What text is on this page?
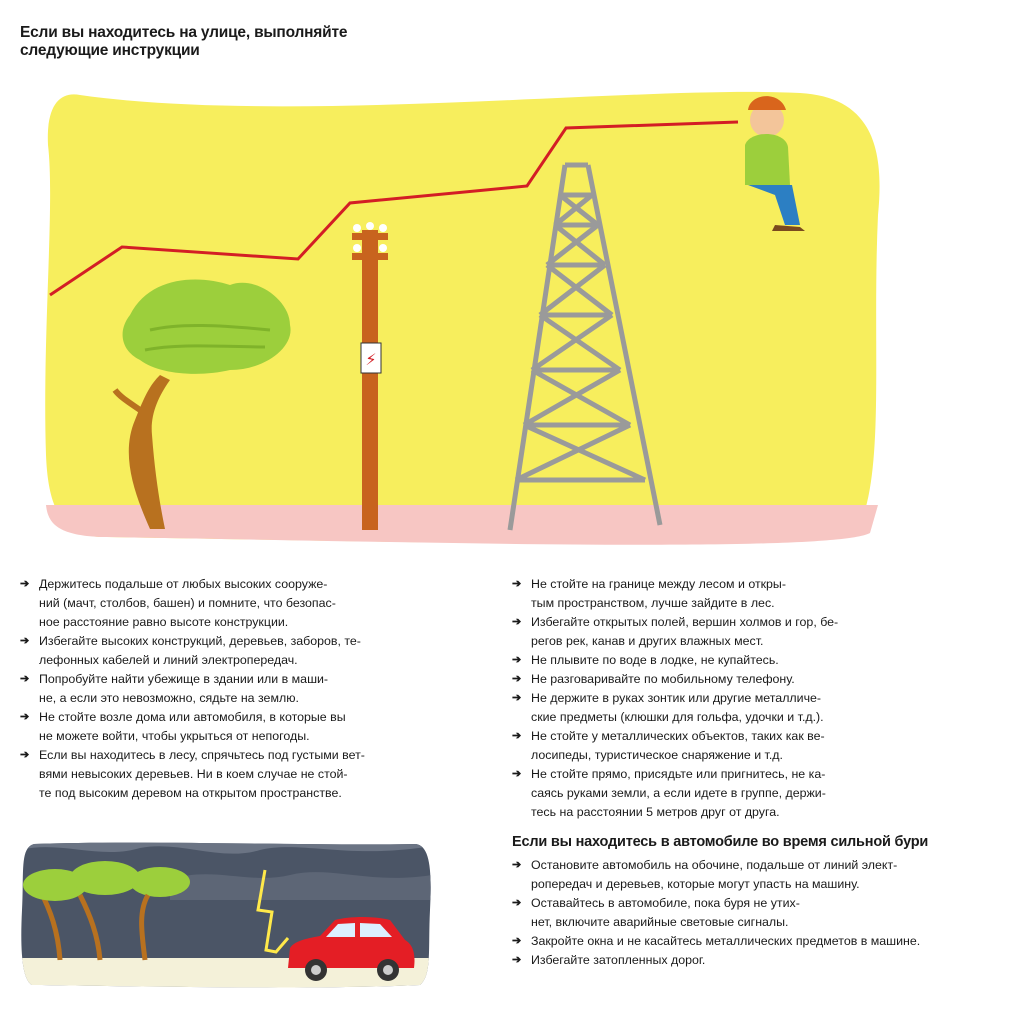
Если вы находитесь на улице, выполняйте
следующие инструкции
⚡
➔ Держитесь подальше от любых высоких сооруже-
ний (мачт, столбов, башен) и помните, что безопас-
ное расстояние равно высоте конструкции.
➔ Избегайте высоких конструкций, деревьев, заборов, те-
лефонных кабелей и линий электропередач.
➔ Попробуйте найти убежище в здании или в маши-
не, а если это невозможно, сядьте на землю.
➔ Не стойте возле дома или автомобиля, в которые вы
не можете войти, чтобы укрыться от непогоды.
➔ Если вы находитесь в лесу, спрячьтесь под густыми вет-
вями невысоких деревьев. Ни в коем случае не стой-
те под высоким деревом на открытом пространстве.
➔ Не стойте на границе между лесом и откры-
тым пространством, лучше зайдите в лес.
➔ Избегайте открытых полей, вершин холмов и гор, бе-
регов рек, канав и других влажных мест.
➔ Не плывите по воде в лодке, не купайтесь.
➔ Не разговаривайте по мобильному телефону.
➔ Не держите в руках зонтик или другие металличе-
ские предметы (клюшки для гольфа, удочки и т.д.).
➔ Не стойте у металлических объектов, таких как ве-
лосипеды, туристическое снаряжение и т.д.
➔ Не стойте прямо, присядьте или пригнитесь, не ка-
саясь руками земли, а если идете в группе, держи-
тесь на расстоянии 5 метров друг от друга.
Если вы находитесь в автомобиле во время сильной бури
➔ Остановите автомобиль на обочине, подальше от линий элект-
ропередач и деревьев, которые могут упасть на машину.
➔ Оставайтесь в автомобиле, пока буря не утих-
нет, включите аварийные световые сигналы.
➔ Закройте окна и не касайтесь металлических предметов в машине.
➔ Избегайте затопленных дорог.
